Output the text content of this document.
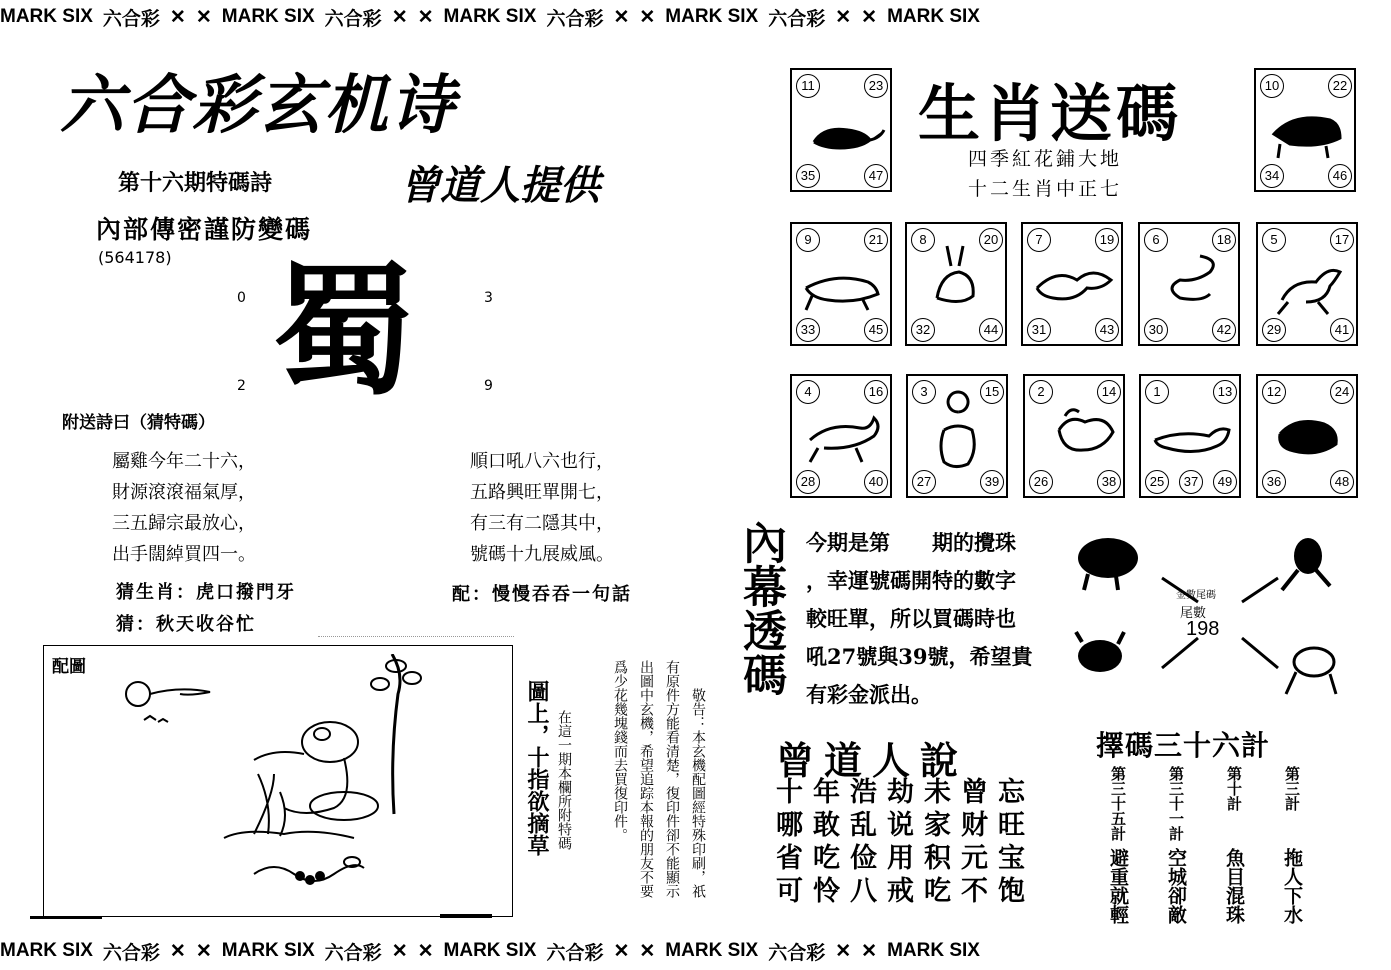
MARK SIX 六合彩 ✕ ✕ MARK SIX 六合彩 ✕ ✕ MARK SIX 六合彩 ✕ ✕ MARK SIX 六合彩 ✕ ✕ MARK SIX
MARK SIX 六合彩 ✕ ✕ MARK SIX 六合彩 ✕ ✕ MARK SIX 六合彩 ✕ ✕ MARK SIX 六合彩 ✕ ✕ MARK SIX
六合彩玄机诗
第十六期特碼詩	曾道人提供
內部傳密謹防變碼
(564178)
0	3
2	9
蜀
附送詩曰（猜特碼）
屬雞今年二十六，
財源滾滾福氣厚，
三五歸宗最放心，
出手闊綽買四一。
順口吼八六也行，
五路興旺單開七，
有三有二隱其中，
號碼十九展威風。
猜生肖：虎口撥門牙
猜：秋天收谷忙
配：慢慢吞吞一句話
配圖
圖上，十指欲摘草 在這一期本欄所附特碼	敬告：本玄機配圖經特殊印刷，祇
有原件方能看清楚，復印件卻不能顯示
出圖中玄機，希望追踪本報的朋友不要
爲少花幾塊錢而去買復印件。
生肖送碼
四季紅花鋪大地
十二生肖中正七
11	23
35	47
10	22
34	46
9	21
33	45
8	20
32	44
7	19
31	43
6	18
30	42
5	17
29	41
4	16
28	40
3	15
27	39
2	14
26	38
1	13
25	37	49
12	24
36	48
內幕透碼 今期是第　　期的攪珠
，幸運號碼開特的數字
較旺單，所以買碼時也
吼27號與39號，希望貴
有彩金派出。
金數尾碼
尾數
198
曾道人說
十年浩劫未曾忘
哪敢乱说家财旺
省吃俭用积元宝
可怜八戒吃不饱
擇碼三十六計
第三計
拖人下水
第十計
魚目混珠
第三十一計
空城卻敵
第三十五計
避重就輕
